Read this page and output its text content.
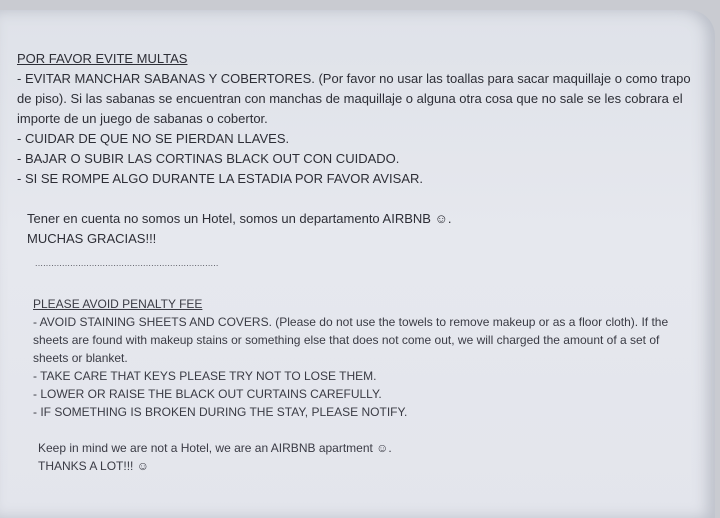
POR FAVOR EVITE MULTAS
- EVITAR MANCHAR SABANAS Y COBERTORES. (Por favor no usar las toallas para sacar maquillaje o como trapo de piso). Si las sabanas se encuentran con manchas de maquillaje o alguna otra cosa que no sale se les cobrara el importe de un juego de sabanas o cobertor.
- CUIDAR DE QUE NO SE PIERDAN LLAVES.
- BAJAR O SUBIR LAS CORTINAS BLACK OUT CON CUIDADO.
- SI SE ROMPE ALGO DURANTE LA ESTADIA POR FAVOR AVISAR.
Tener en cuenta no somos un Hotel, somos un departamento AIRBNB ☺.
MUCHAS GRACIAS!!!
....................................................................
PLEASE AVOID PENALTY FEE
- AVOID STAINING SHEETS AND COVERS. (Please do not use the towels to remove makeup or as a floor cloth). If the sheets are found with makeup stains or something else that does not come out, we will charged the amount of a set of sheets or blanket.
- TAKE CARE THAT KEYS PLEASE TRY NOT TO LOSE THEM.
- LOWER OR RAISE THE BLACK OUT CURTAINS CAREFULLY.
- IF SOMETHING IS BROKEN DURING THE STAY, PLEASE NOTIFY.
Keep in mind we are not a Hotel, we are an AIRBNB apartment ☺.
THANKS A LOT!!! ☺
